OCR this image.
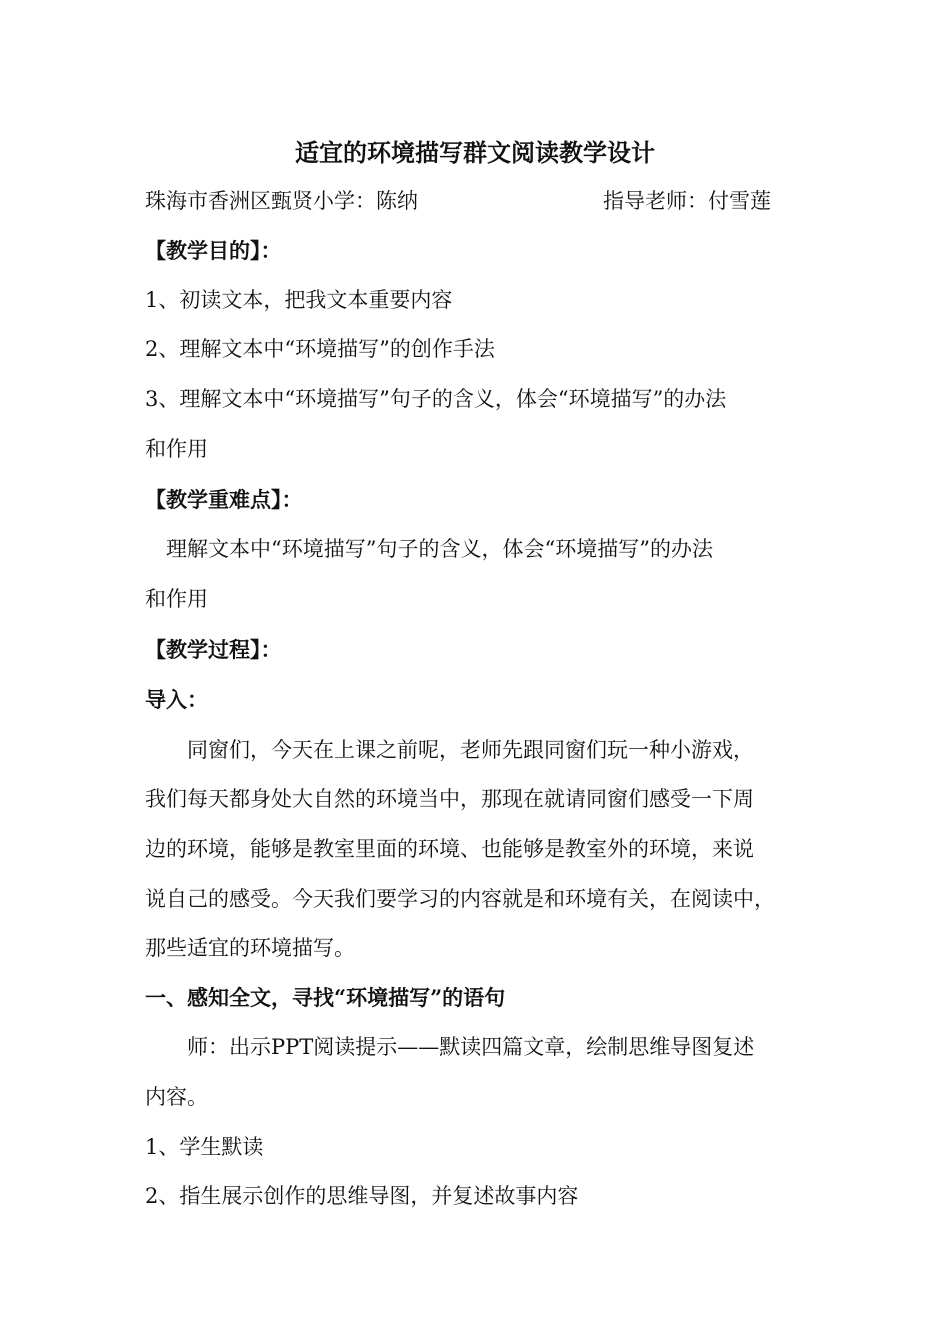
适宜的环境描写群文阅读教学设计
珠海市香洲区甄贤小学：陈纳	指导老师：付雪莲
【教学目的】：
1、初读文本，把我文本重要内容
2、理解文本中“环境描写”的创作手法
3、理解文本中“环境描写”句子的含义，体会“环境描写”的办法
和作用
【教学重难点】：
　理解文本中“环境描写”句子的含义，体会“环境描写”的办法
和作用
【教学过程】：
导入：
　　同窗们，今天在上课之前呢，老师先跟同窗们玩一种小游戏，
我们每天都身处大自然的环境当中，那现在就请同窗们感受一下周
边的环境，能够是教室里面的环境、也能够是教室外的环境，来说
说自己的感受。今天我们要学习的内容就是和环境有关，在阅读中，
那些适宜的环境描写。
一、感知全文，寻找“环境描写”的语句
　　师：出示PPT阅读提示——默读四篇文章，绘制思维导图复述
内容。
1、学生默读
2、指生展示创作的思维导图，并复述故事内容
